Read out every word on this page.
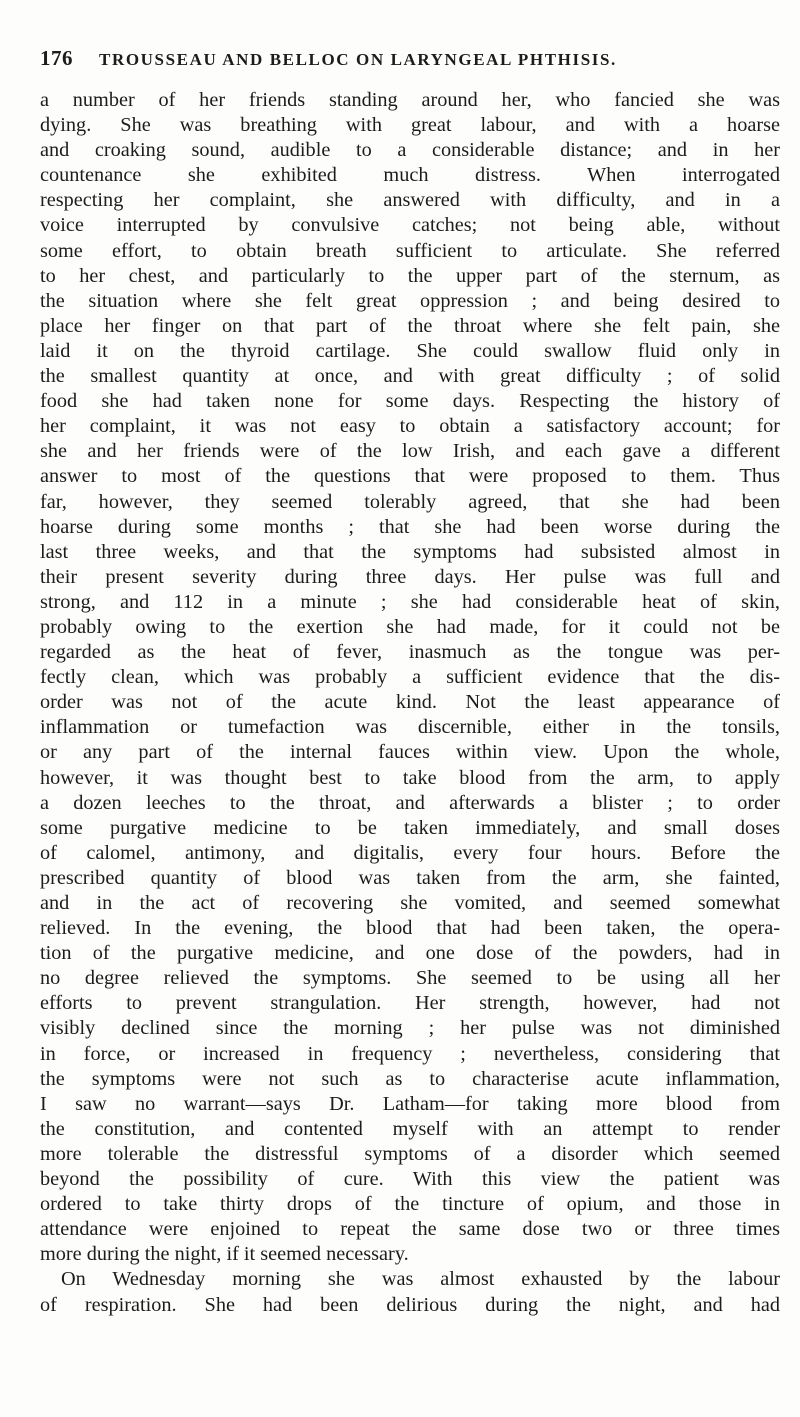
176 TROUSSEAU AND BELLOC ON LARYNGEAL PHTHISIS.
a number of her friends standing around her, who fancied she was
dying. She was breathing with great labour, and with a hoarse
and croaking sound, audible to a considerable distance; and in her
countenance she exhibited much distress. When interrogated
respecting her complaint, she answered with difficulty, and in a
voice interrupted by convulsive catches; not being able, without
some effort, to obtain breath sufficient to articulate. She referred
to her chest, and particularly to the upper part of the sternum, as
the situation where she felt great oppression ; and being desired to
place her finger on that part of the throat where she felt pain, she
laid it on the thyroid cartilage. She could swallow fluid only in
the smallest quantity at once, and with great difficulty ; of solid
food she had taken none for some days. Respecting the history of
her complaint, it was not easy to obtain a satisfactory account; for
she and her friends were of the low Irish, and each gave a different
answer to most of the questions that were proposed to them. Thus
far, however, they seemed tolerably agreed, that she had been
hoarse during some months ; that she had been worse during the
last three weeks, and that the symptoms had subsisted almost in
their present severity during three days. Her pulse was full and
strong, and 112 in a minute ; she had considerable heat of skin,
probably owing to the exertion she had made, for it could not be
regarded as the heat of fever, inasmuch as the tongue was per-
fectly clean, which was probably a sufficient evidence that the dis-
order was not of the acute kind. Not the least appearance of
inflammation or tumefaction was discernible, either in the tonsils,
or any part of the internal fauces within view. Upon the whole,
however, it was thought best to take blood from the arm, to apply
a dozen leeches to the throat, and afterwards a blister ; to order
some purgative medicine to be taken immediately, and small doses
of calomel, antimony, and digitalis, every four hours. Before the
prescribed quantity of blood was taken from the arm, she fainted,
and in the act of recovering she vomited, and seemed somewhat
relieved. In the evening, the blood that had been taken, the opera-
tion of the purgative medicine, and one dose of the powders, had in
no degree relieved the symptoms. She seemed to be using all her
efforts to prevent strangulation. Her strength, however, had not
visibly declined since the morning ; her pulse was not diminished
in force, or increased in frequency ; nevertheless, considering that
the symptoms were not such as to characterise acute inflammation,
I saw no warrant—says Dr. Latham—for taking more blood from
the constitution, and contented myself with an attempt to render
more tolerable the distressful symptoms of a disorder which seemed
beyond the possibility of cure. With this view the patient was
ordered to take thirty drops of the tincture of opium, and those in
attendance were enjoined to repeat the same dose two or three times
more during the night, if it seemed necessary.
On Wednesday morning she was almost exhausted by the labour
of respiration. She had been delirious during the night, and had
